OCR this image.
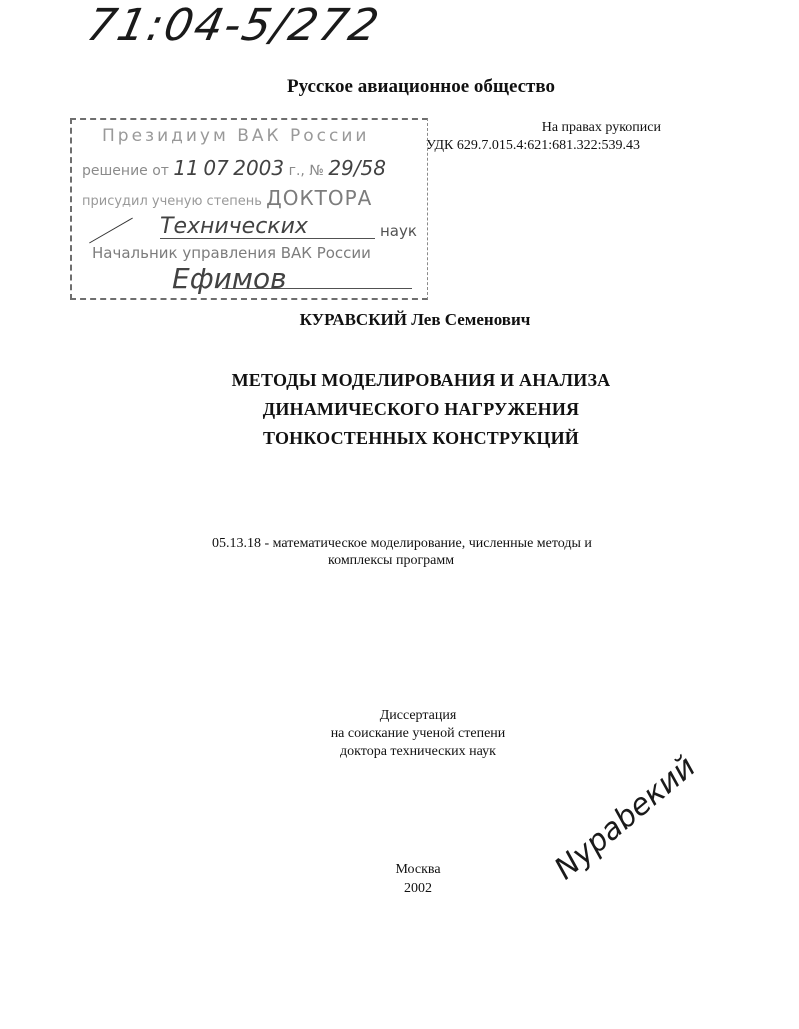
71:04-5/272
Русское авиационное общество
На правах рукописи
УДК 629.7.015.4:621:681.322:539.43
Президиум ВАК России
решение от 11 07 2003 г., № 29/58
присудил ученую степень ДОКТОРА
Технических	наук
Начальник управления ВАК России
Ефимов
КУРАВСКИЙ Лев Семенович
МЕТОДЫ МОДЕЛИРОВАНИЯ И АНАЛИЗА
ДИНАМИЧЕСКОГО НАГРУЖЕНИЯ
ТОНКОСТЕННЫХ КОНСТРУКЦИЙ
05.13.18 - математическое моделирование, численные методы и
комплексы программ
Диссертация
на соискание ученой степени
доктора технических наук
Москва
2002
Nypabeкий
